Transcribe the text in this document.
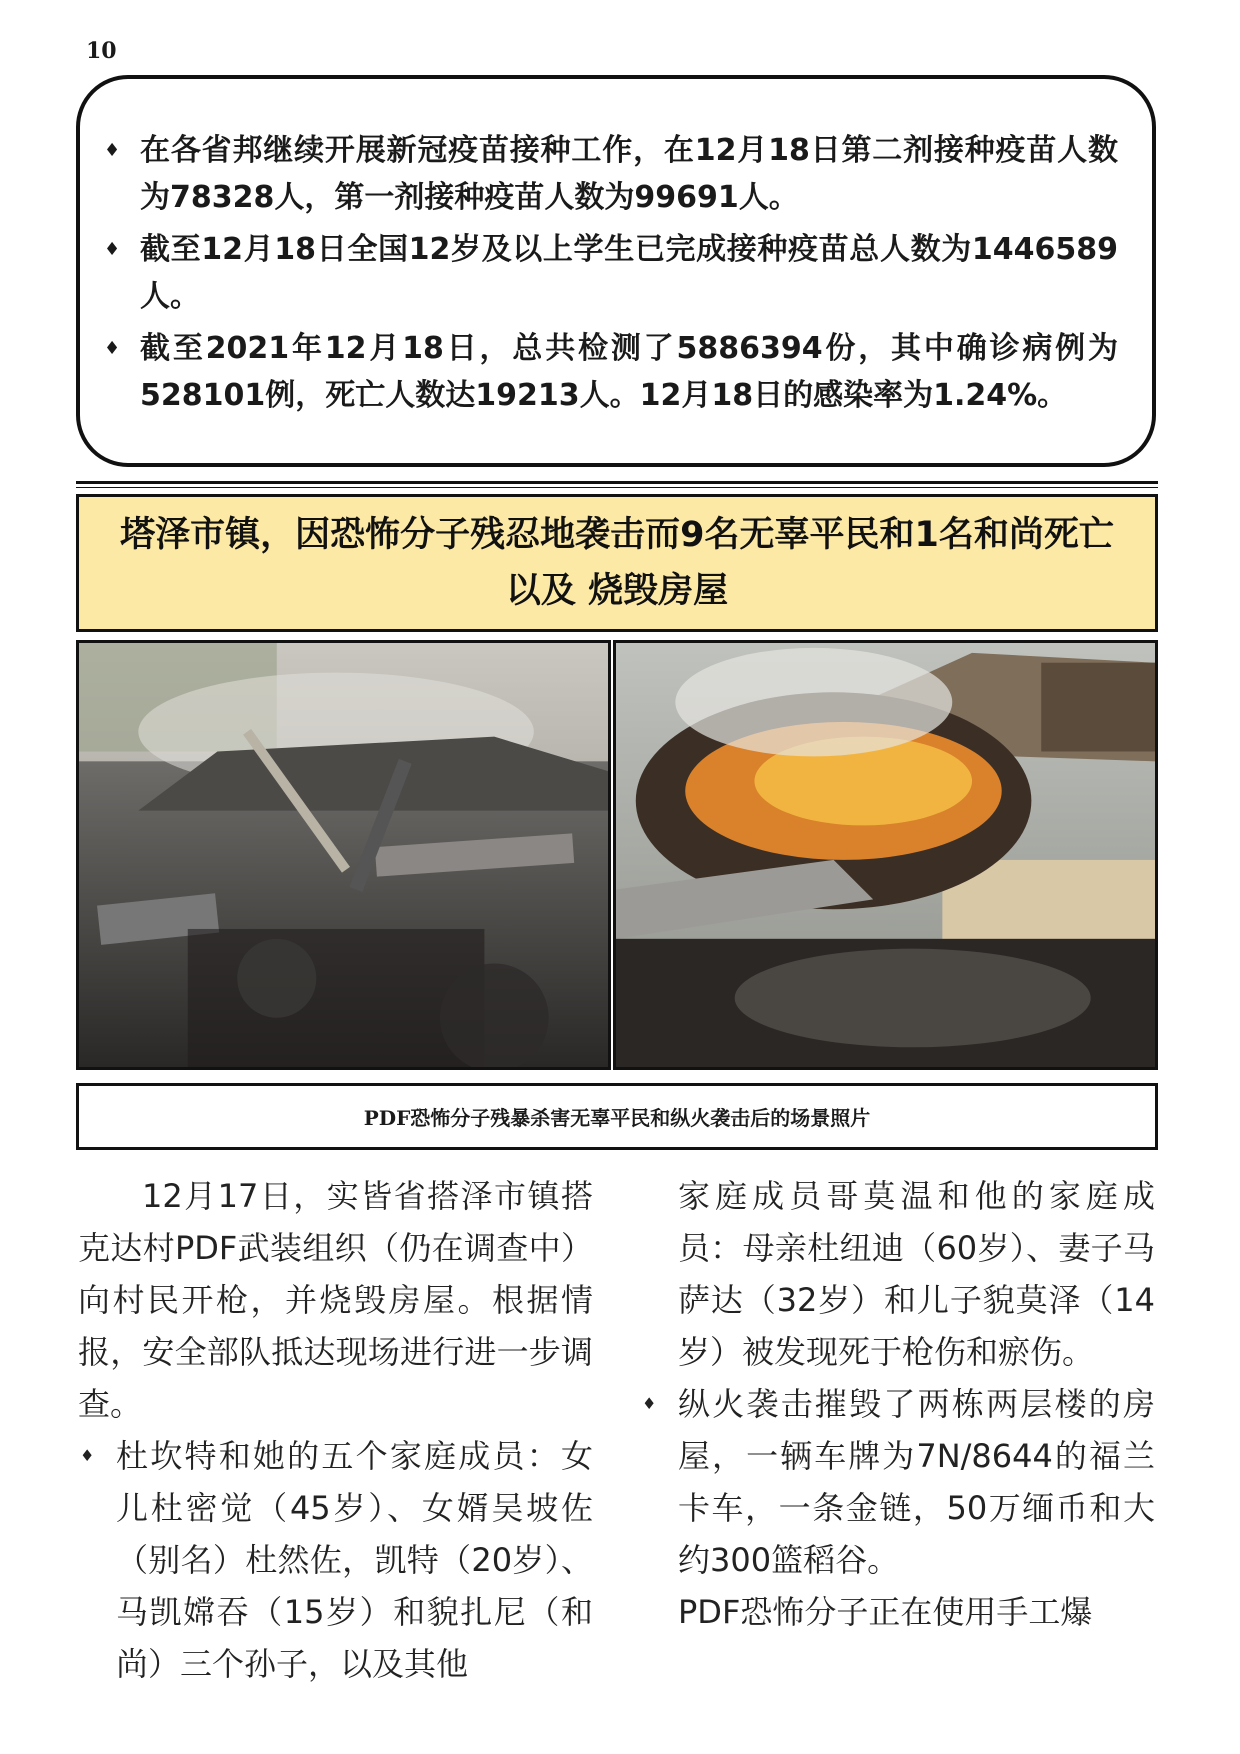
10
♦ 在各省邦继续开展新冠疫苗接种工作，在12月18日第二剂接种疫苗人数为78328人，第一剂接种疫苗人数为99691人。
♦ 截至12月18日全国12岁及以上学生已完成接种疫苗总人数为1446589人。
♦ 截至2021年12月18日，总共检测了5886394份，其中确诊病例为528101例，死亡人数达19213人。12月18日的感染率为1.24%。
塔泽市镇，因恐怖分子残忍地袭击而9名无辜平民和1名和尚死亡以及 烧毁房屋
PDF恐怖分子残暴杀害无辜平民和纵火袭击后的场景照片

12月17日，实皆省搭泽市镇搭克达村PDF武装组织（仍在调查中）向村民开枪，并烧毁房屋。根据情报，安全部队抵达现场进行进一步调查。

♦ 杜坎特和她的五个家庭成员：女儿杜密觉（45岁）、女婿吴坡佐（别名）杜然佐，凯特（20岁）、马凯嫦吞（15岁）和貌扎尼（和尚）三个孙子，以及其他

家庭成员哥莫温和他的家庭成员：母亲杜纽迪（60岁）、妻子马萨达（32岁）和儿子貌莫泽（14岁）被发现死于枪伤和瘀伤。

♦ 纵火袭击摧毁了两栋两层楼的房屋，一辆车牌为7N/8644的福兰卡车，一条金链，50万缅币和大约300篮稻谷。

PDF恐怖分子正在使用手工爆
